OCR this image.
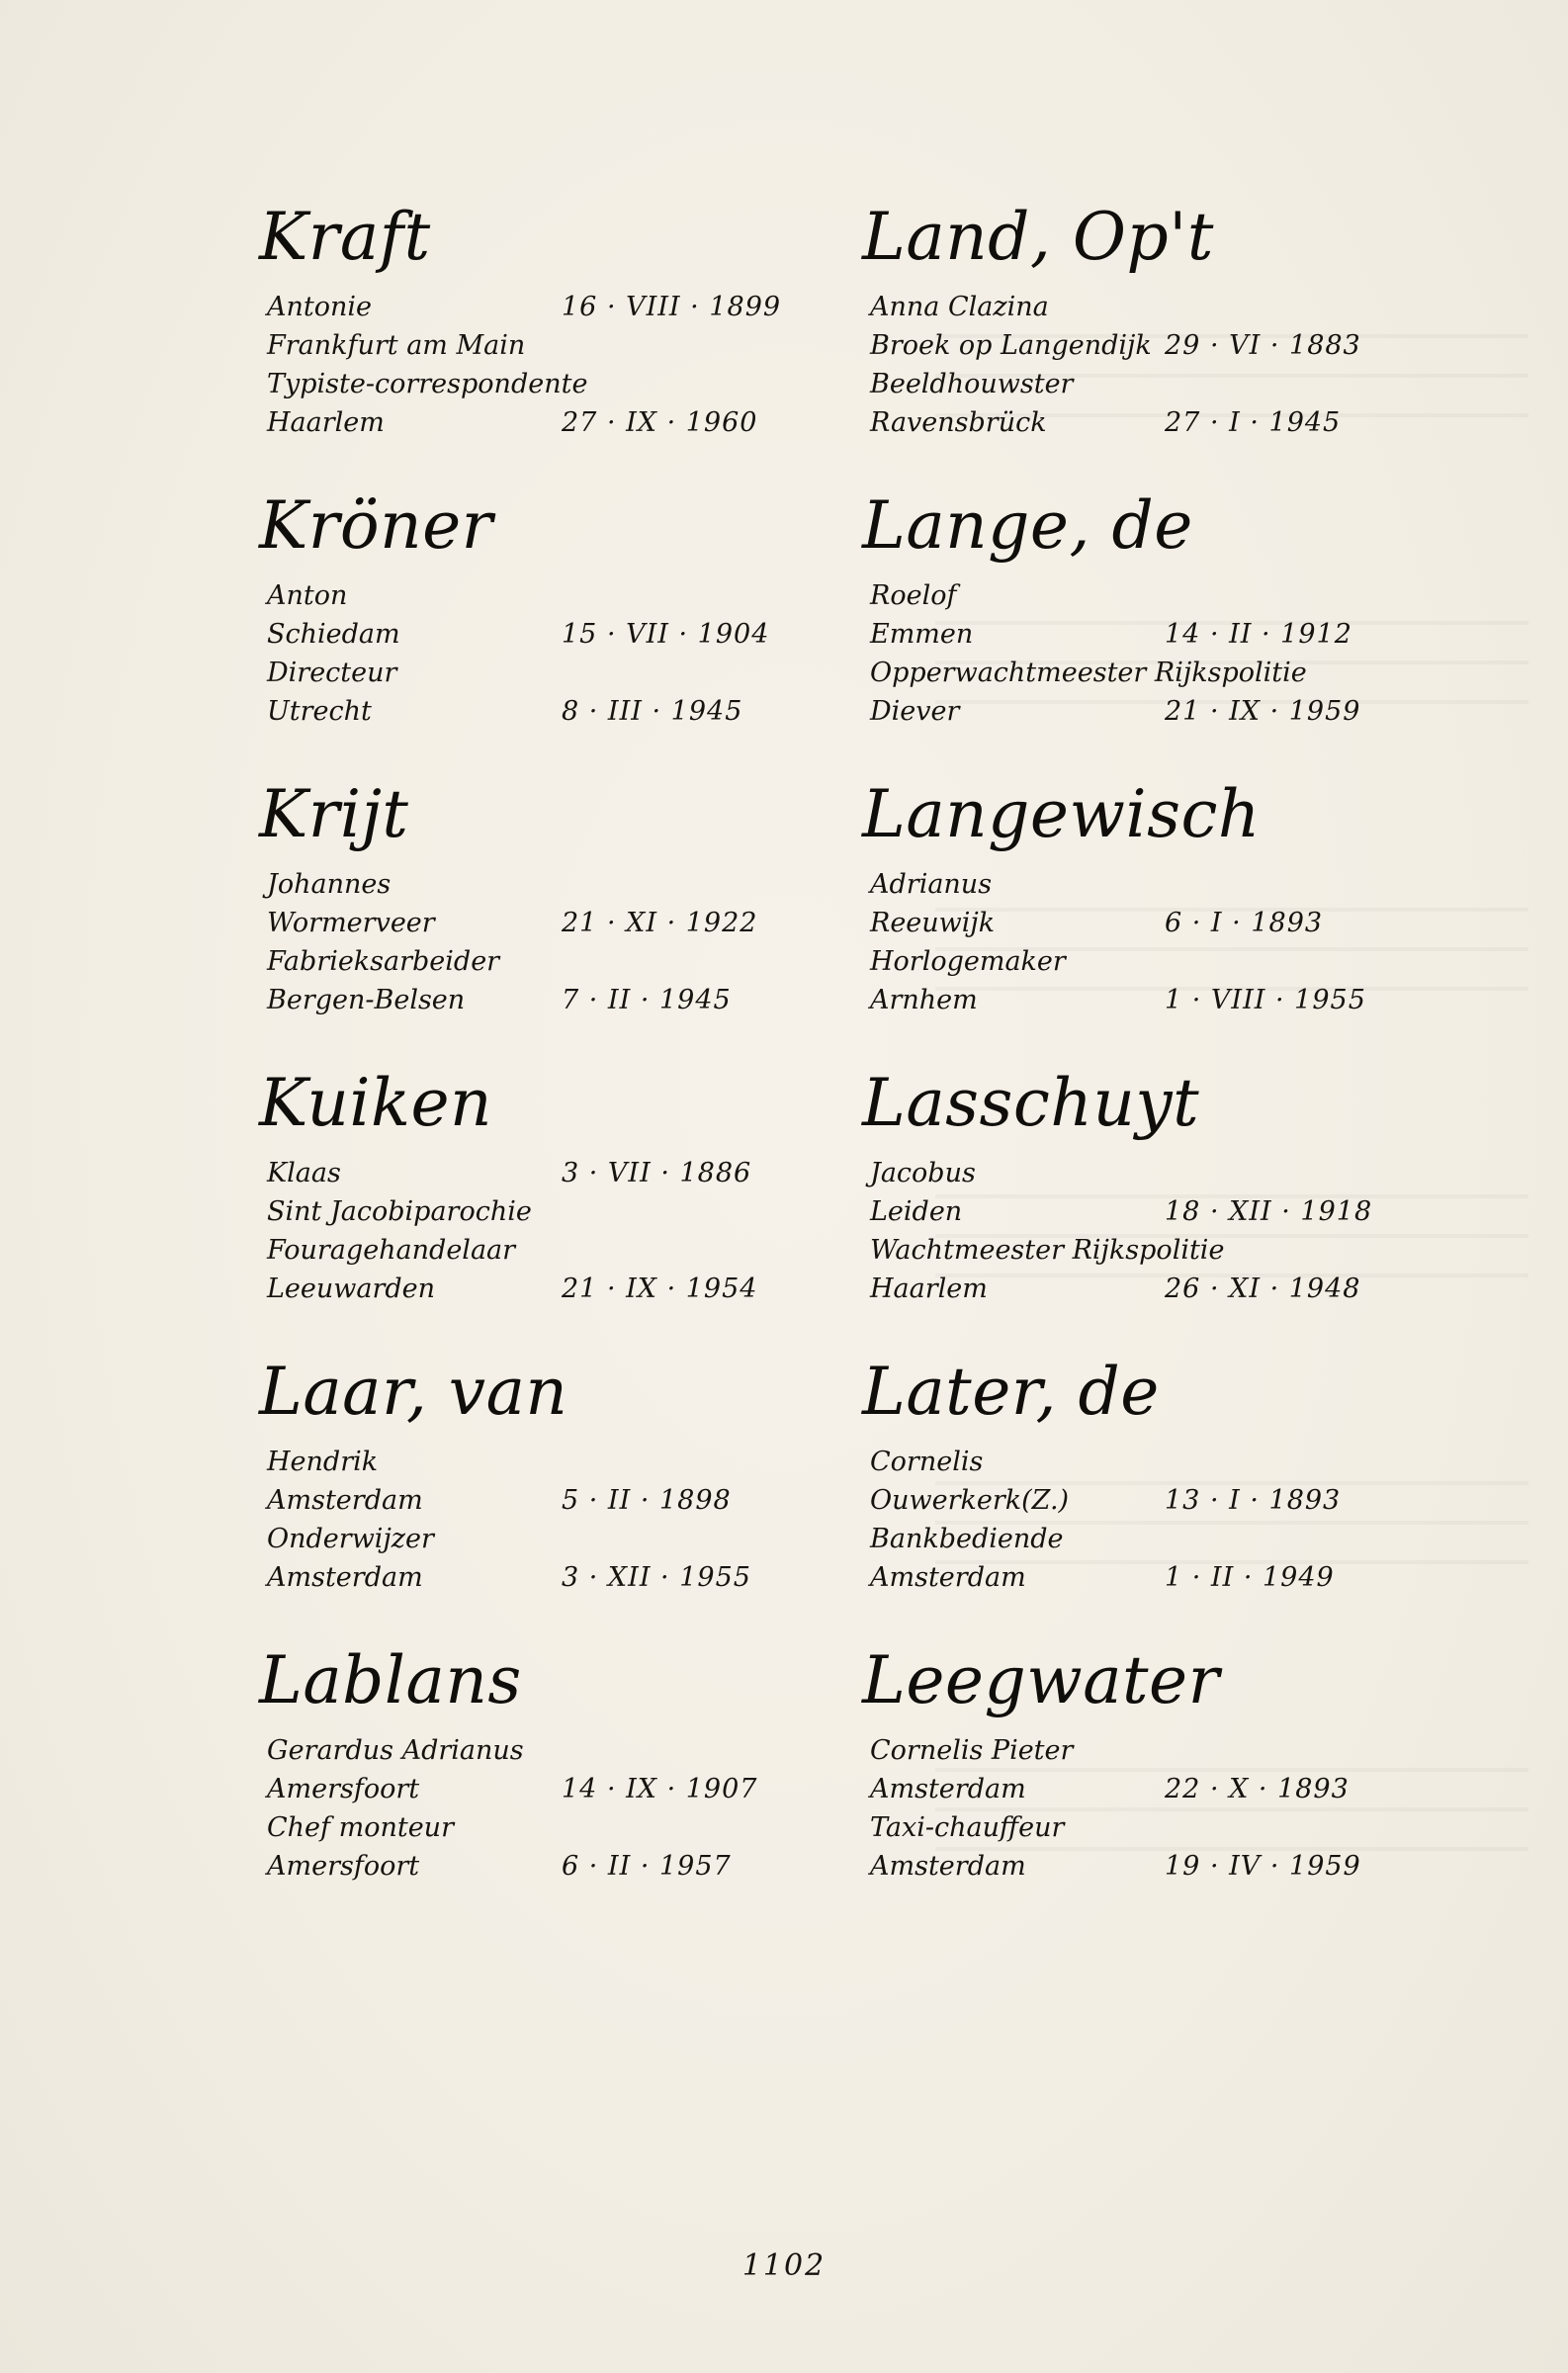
Kraft
Antonie	16 · VIII · 1899
Frankfurt am Main
Typiste-correspondente
Haarlem	27 · IX · 1960
Kröner
Anton
Schiedam	15 · VII · 1904
Directeur
Utrecht	8 · III · 1945
Krijt
Johannes
Wormerveer	21 · XI · 1922
Fabrieksarbeider
Bergen-Belsen	7 · II · 1945
Kuiken
Klaas	3 · VII · 1886
Sint Jacobiparochie
Fouragehandelaar
Leeuwarden	21 · IX · 1954
Laar, van
Hendrik
Amsterdam	5 · II · 1898
Onderwijzer
Amsterdam	3 · XII · 1955
Lablans
Gerardus Adrianus
Amersfoort	14 · IX · 1907
Chef monteur
Amersfoort	6 · II · 1957
Land, Op't
Anna Clazina
Broek op Langendijk 29 · VI · 1883
Beeldhouwster
Ravensbrück	27 · I · 1945
Lange, de
Roelof
Emmen	14 · II · 1912
Opperwachtmeester Rijkspolitie
Diever	21 · IX · 1959
Langewisch
Adrianus
Reeuwijk	6 · I · 1893
Horlogemaker
Arnhem	1 · VIII · 1955
Lasschuyt
Jacobus
Leiden	18 · XII · 1918
Wachtmeester Rijkspolitie
Haarlem	26 · XI · 1948
Later, de
Cornelis
Ouwerkerk(Z.)	13 · I · 1893
Bankbediende
Amsterdam	1 · II · 1949
Leegwater
Cornelis Pieter
Amsterdam	22 · X · 1893
Taxi-chauffeur
Amsterdam	19 · IV · 1959
1102
